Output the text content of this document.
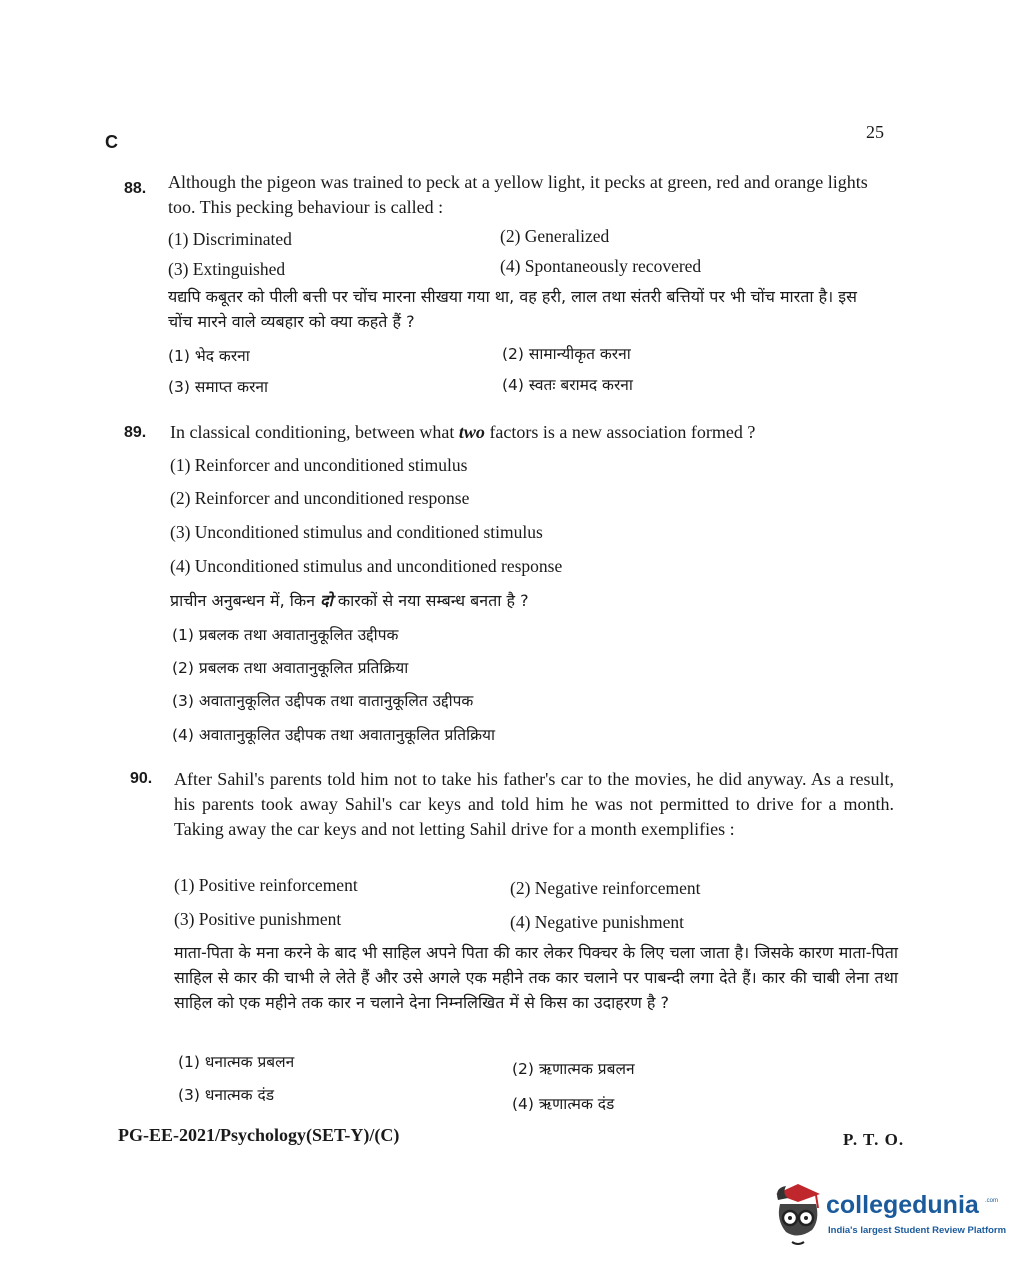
C	25
88. Although the pigeon was trained to peck at a yellow light, it pecks at green, red and orange lights too. This pecking behaviour is called :
(1) Discriminated	(2) Generalized
(3) Extinguished	(4) Spontaneously recovered
यद्यपि कबूतर को पीली बत्ती पर चोंच मारना सीखया गया था, वह हरी, लाल तथा संतरी बत्तियों पर भी चोंच मारता है। इस चोंच मारने वाले व्यबहार को क्या कहते हैं ?
(1) भेद करना	(2) सामान्यीकृत करना
(3) समाप्त करना	(4) स्वतः बरामद करना
89. In classical conditioning, between what two factors is a new association formed ?
(1) Reinforcer and unconditioned stimulus
(2) Reinforcer and unconditioned response
(3) Unconditioned stimulus and conditioned stimulus
(4) Unconditioned stimulus and unconditioned response
प्राचीन अनुबन्धन में, किन दो कारकों से नया सम्बन्ध बनता है ?
(1) प्रबलक तथा अवातानुकूलित उद्दीपक
(2) प्रबलक तथा अवातानुकूलित प्रतिक्रिया
(3) अवातानुकूलित उद्दीपक तथा वातानुकूलित उद्दीपक
(4) अवातानुकूलित उद्दीपक तथा अवातानुकूलित प्रतिक्रिया
90. After Sahil's parents told him not to take his father's car to the movies, he did anyway. As a result, his parents took away Sahil's car keys and told him he was not permitted to drive for a month. Taking away the car keys and not letting Sahil drive for a month exemplifies :
(1) Positive reinforcement	(2) Negative reinforcement
(3) Positive punishment	(4) Negative punishment
माता-पिता के मना करने के बाद भी साहिल अपने पिता की कार लेकर पिक्चर के लिए चला जाता है। जिसके कारण माता-पिता साहिल से कार की चाभी ले लेते हैं और उसे अगले एक महीने तक कार चलाने पर पाबन्दी लगा देते हैं। कार की चाबी लेना तथा साहिल को एक महीने तक कार न चलाने देना निम्नलिखित में से किस का उदाहरण है ?
(1) धनात्मक प्रबलन	(2) ऋणात्मक प्रबलन
(3) धनात्मक दंड	(4) ऋणात्मक दंड
PG-EE-2021/Psychology(SET-Y)/(C)	P. T. O.
collegedunia .com
India's largest Student Review Platform
